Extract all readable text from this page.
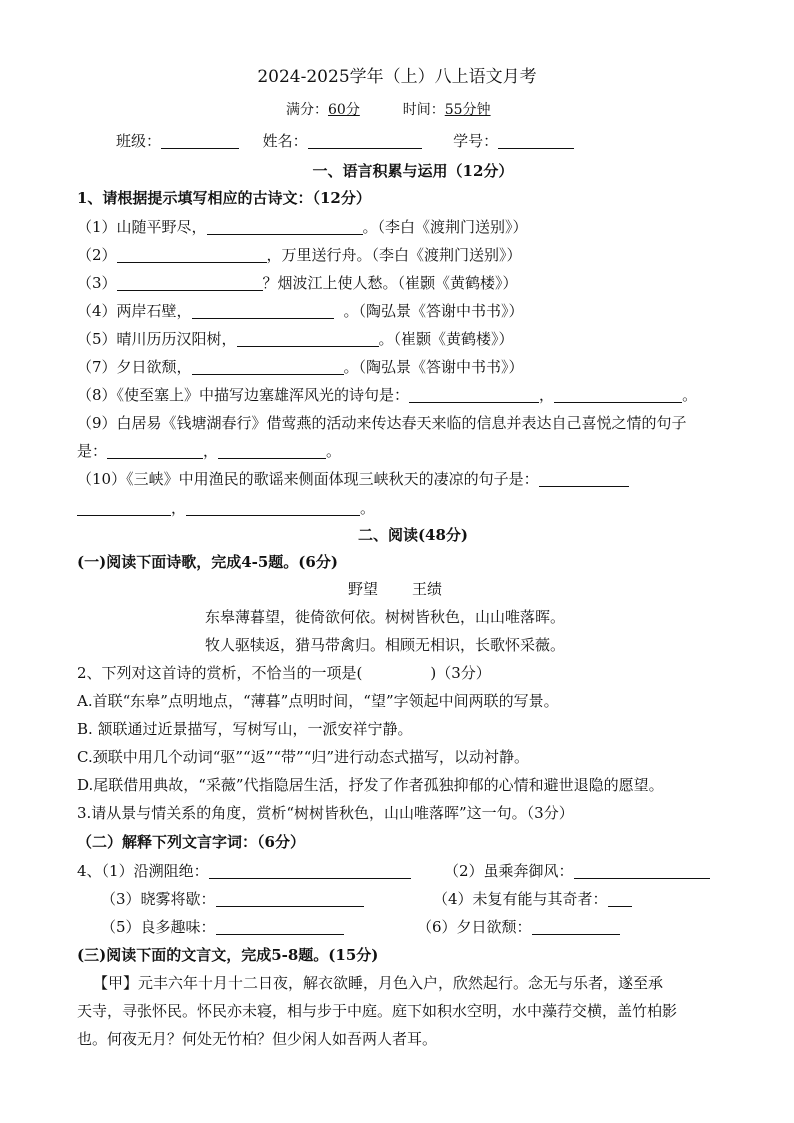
2024-2025学年（上）八上语文月考
满分：60分	时间：55分钟
班级：	姓名：	学号：
一、语言积累与运用（12分）
1、请根据提示填写相应的古诗文：（12分）
（1）山随平野尽，	。（李白《渡荆门送别》）
（2）	，万里送行舟。（李白《渡荆门送别》）
（3）	？烟波江上使人愁。（崔颢《黄鹤楼》）
（4）两岸石壁，	。（陶弘景《答谢中书书》）
（5）晴川历历汉阳树，	。（崔颢《黄鹤楼》）
（7）夕日欲颓，	。（陶弘景《答谢中书书》）
（8）《使至塞上》中描写边塞雄浑风光的诗句是：	，	。
（9）白居易《钱塘湖春行》借莺燕的活动来传达春天来临的信息并表达自己喜悦之情的句子
是：	，	。
（10）《三峡》中用渔民的歌谣来侧面体现三峡秋天的凄凉的句子是：
，	。
二、阅读(48分)
(一)阅读下面诗歌，完成4-5题。(6分)
野望 王绩
东皋薄暮望，徙倚欲何依。树树皆秋色，山山唯落晖。
牧人驱犊返，猎马带禽归。相顾无相识，长歌怀采薇。
2、下列对这首诗的赏析，不恰当的一项是(	)（3分）
A.首联“东皋”点明地点，“薄暮”点明时间，“望”字领起中间两联的写景。
B. 颔联通过近景描写，写树写山，一派安祥宁静。
C.颈联中用几个动词“驱”“返”“带”“归”进行动态式描写，以动衬静。
D.尾联借用典故，“采薇”代指隐居生活，抒发了作者孤独抑郁的心情和避世退隐的愿望。
3.请从景与情关系的角度，赏析“树树皆秋色，山山唯落晖”这一句。（3分）
（二）解释下列文言字词：（6分）
4、（1）沿溯阻绝：	（2）虽乘奔御风：
（3）晓雾将歇：	（4）未复有能与其奇者：
（5）良多趣味：	（6）夕日欲颓：
(三)阅读下面的文言文，完成5-8题。(15分)
【甲】元丰六年十月十二日夜，解衣欲睡，月色入户，欣然起行。念无与乐者，遂至承
天寺，寻张怀民。怀民亦未寝，相与步于中庭。庭下如积水空明，水中藻荇交横，盖竹柏影
也。何夜无月？何处无竹柏？但少闲人如吾两人者耳。
